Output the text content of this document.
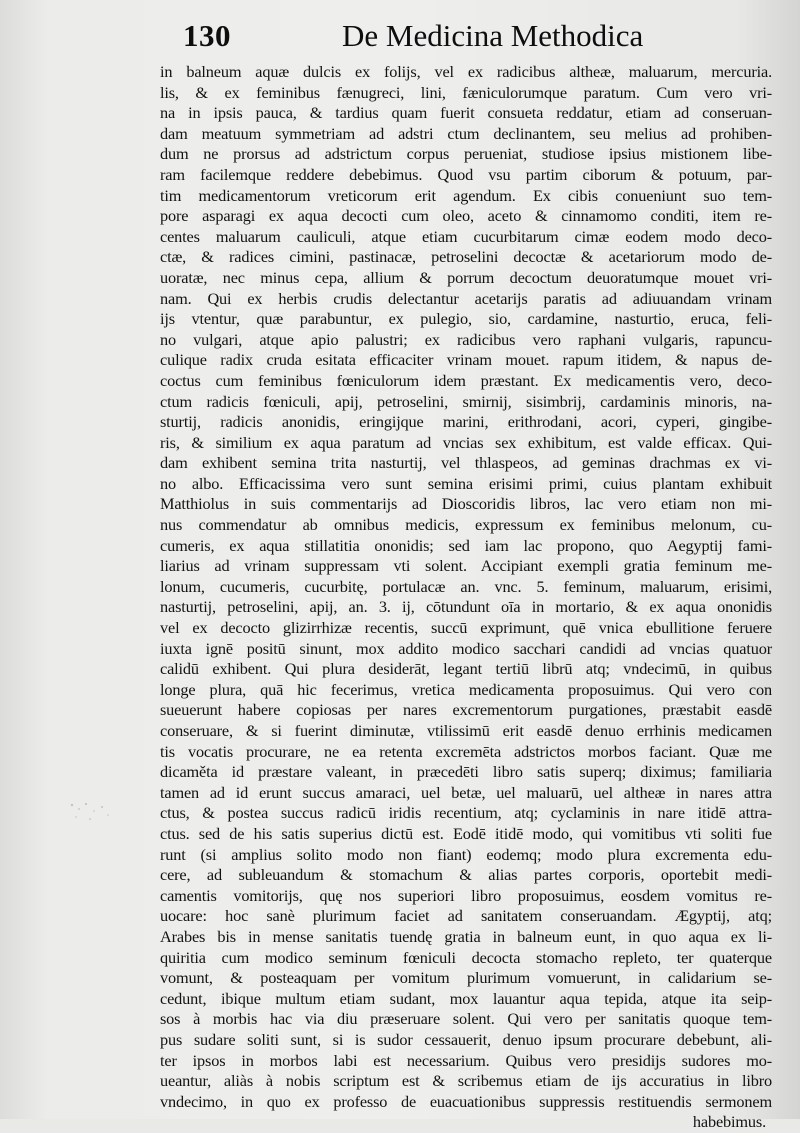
130	De Medicina Methodica
in balneum aquæ dulcis ex folijs, vel ex radicibus altheæ, maluarum, mercuria.
lis, & ex feminibus fænugreci, lini, fæniculorumque paratum. Cum vero vri-
na in ipsis pauca, & tardius quam fuerit consueta reddatur, etiam ad conseruan-
dam meatuum symmetriam ad adstri ctum declinantem, seu melius ad prohiben-
dum ne prorsus ad adstrictum corpus perueniat, studiose ipsius mistionem libe-
ram facilemque reddere debebimus. Quod vsu partim ciborum & potuum, par-
tim medicamentorum vreticorum erit agendum. Ex cibis conueniunt suo tem-
pore asparagi ex aqua decocti cum oleo, aceto & cinnamomo conditi, item re-
centes maluarum cauliculi, atque etiam cucurbitarum cimæ eodem modo deco-
ctæ, & radices cimini, pastinacæ, petroselini decoctæ & acetariorum modo de-
uoratæ, nec minus cepa, allium & porrum decoctum deuoratumque mouet vri-
nam. Qui ex herbis crudis delectantur acetarijs paratis ad adiuuandam vrinam
ijs vtentur, quæ parabuntur, ex pulegio, sio, cardamine, nasturtio, eruca, feli-
no vulgari, atque apio palustri; ex radicibus vero raphani vulgaris, rapuncu-
culique radix cruda esitata efficaciter vrinam mouet. rapum itidem, & napus de-
coctus cum feminibus fœniculorum idem præstant. Ex medicamentis vero, deco-
ctum radicis fœniculi, apij, petroselini, smirnij, sisimbrij, cardaminis minoris, na-
sturtij, radicis anonidis, eringijque marini, erithrodani, acori, cyperi, gingibe-
ris, & similium ex aqua paratum ad vncias sex exhibitum, est valde efficax. Qui-
dam exhibent semina trita nasturtij, vel thlaspeos, ad geminas drachmas ex vi-
no albo. Efficacissima vero sunt semina erisimi primi, cuius plantam exhibuit
Matthiolus in suis commentarijs ad Dioscoridis libros, lac vero etiam non mi-
nus commendatur ab omnibus medicis, expressum ex feminibus melonum, cu-
cumeris, ex aqua stillatitia ononidis; sed iam lac propono, quo Aegyptij fami-
liarius ad vrinam suppressam vti solent. Accipiant exempli gratia feminum me-
lonum, cucumeris, cucurbitę, portulacæ an. vnc. 5. feminum, maluarum, erisimi,
nasturtij, petroselini, apij, an. 3. ij, cōtundunt oīa in mortario, & ex aqua ononidis
vel ex decocto glizirrhizæ recentis, succū exprimunt, quē vnica ebullitione feruere
iuxta ignē positū sinunt, mox addito modico sacchari candidi ad vncias quatuor
calidū exhibent. Qui plura desiderāt, legant tertiū librū atq; vndecimū, in quibus
longe plura, quā hic fecerimus, vretica medicamenta proposuimus. Qui vero con
sueuerunt habere copiosas per nares excrementorum purgationes, præstabit easdē
conseruare, & si fuerint diminutæ, vtilissimū erit easdē denuo errhinis medicamen
tis vocatis procurare, ne ea retenta excremēta adstrictos morbos faciant. Quæ me
dicaměta id præstare valeant, in præcedēti libro satis superq; diximus; familiaria
tamen ad id erunt succus amaraci, uel betæ, uel maluarū, uel altheæ in nares attra
ctus, & postea succus radicū iridis recentium, atq; cyclaminis in nare itidē attra-
ctus. sed de his satis superius dictū est. Eodē itidē modo, qui vomitibus vti soliti fue
runt (si amplius solito modo non fiant) eodemq; modo plura excrementa edu-
cere, ad subleuandum & stomachum & alias partes corporis, oportebit medi-
camentis vomitorijs, quę nos superiori libro proposuimus, eosdem vomitus re-
uocare: hoc sanè plurimum faciet ad sanitatem conseruandam. Ægyptij, atq;
Arabes bis in mense sanitatis tuendę gratia in balneum eunt, in quo aqua ex li-
quiritia cum modico seminum fœniculi decocta stomacho repleto, ter quaterque
vomunt, & posteaquam per vomitum plurimum vomuerunt, in calidarium se-
cedunt, ibique multum etiam sudant, mox lauantur aqua tepida, atque ita seip-
sos à morbis hac via diu præseruare solent. Qui vero per sanitatis quoque tem-
pus sudare soliti sunt, si is sudor cessauerit, denuo ipsum procurare debebunt, ali-
ter ipsos in morbos labi est necessarium. Quibus vero presidijs sudores mo-
ueantur, aliàs à nobis scriptum est & scribemus etiam de ijs accuratius in libro
vndecimo, in quo ex professo de euacuationibus suppressis restituendis sermonem
habebimus.
